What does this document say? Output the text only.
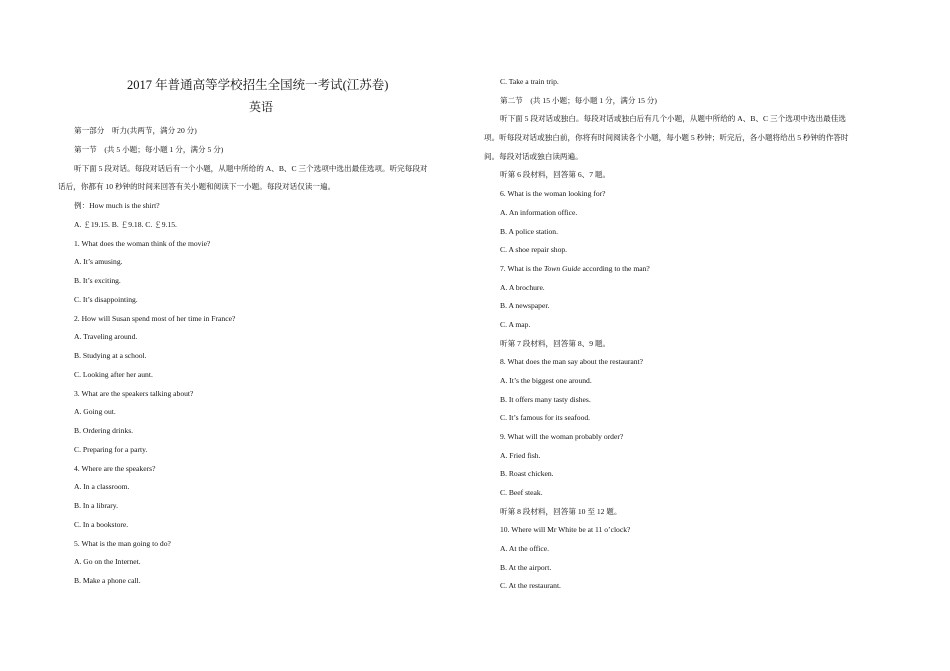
2017 年普通高等学校招生全国统一考试(江苏卷)
英语
第一部分　听力(共两节，满分 20 分)
第一节　(共 5 小题；每小题 1 分，满分 5 分)
听下面 5 段对话。每段对话后有一个小题，从题中所给的 A、B、C 三个选项中选出最佳选项。听完每段对
话后，你都有 10 秒钟的时间来回答有关小题和阅读下一小题。每段对话仅读一遍。
例：How much is the shirt?
A. ￡19.15. B. ￡9.18. C. ￡9.15.
1. What does the woman think of the movie?
A. It’s amusing.
B. It’s exciting.
C. It’s disappointing.
2. How will Susan spend most of her time in France?
A. Traveling around.
B. Studying at a school.
C. Looking after her aunt.
3. What are the speakers talking about?
A. Going out.
B. Ordering drinks.
C. Preparing for a party.
4. Where are the speakers?
A. In a classroom.
B. In a library.
C. In a bookstore.
5. What is the man going to do?
A. Go on the Internet.
B. Make a phone call.
C. Take a train trip.
第二节　(共 15 小题；每小题 1 分，满分 15 分)
听下面 5 段对话或独白。每段对话或独白后有几个小题，从题中所给的 A、B、C 三个选项中选出最佳选
项。听每段对话或独白前，你将有时间阅读各个小题，每小题 5 秒钟；听完后，各小题将给出 5 秒钟的作答时
间。每段对话或独白读两遍。
听第 6 段材料，回答第 6、7 题。
6. What is the woman looking for?
A. An information office.
B. A police station.
C. A shoe repair shop.
7. What is the Town Guide according to the man?
A. A brochure.
B. A newspaper.
C. A map.
听第 7 段材料，回答第 8、9 题。
8. What does the man say about the restaurant?
A. It’s the biggest one around.
B. It offers many tasty dishes.
C. It’s famous for its seafood.
9. What will the woman probably order?
A. Fried fish.
B. Roast chicken.
C. Beef steak.
听第 8 段材料，回答第 10 至 12 题。
10. Where will Mr White be at 11 o’clock?
A. At the office.
B. At the airport.
C. At the restaurant.
